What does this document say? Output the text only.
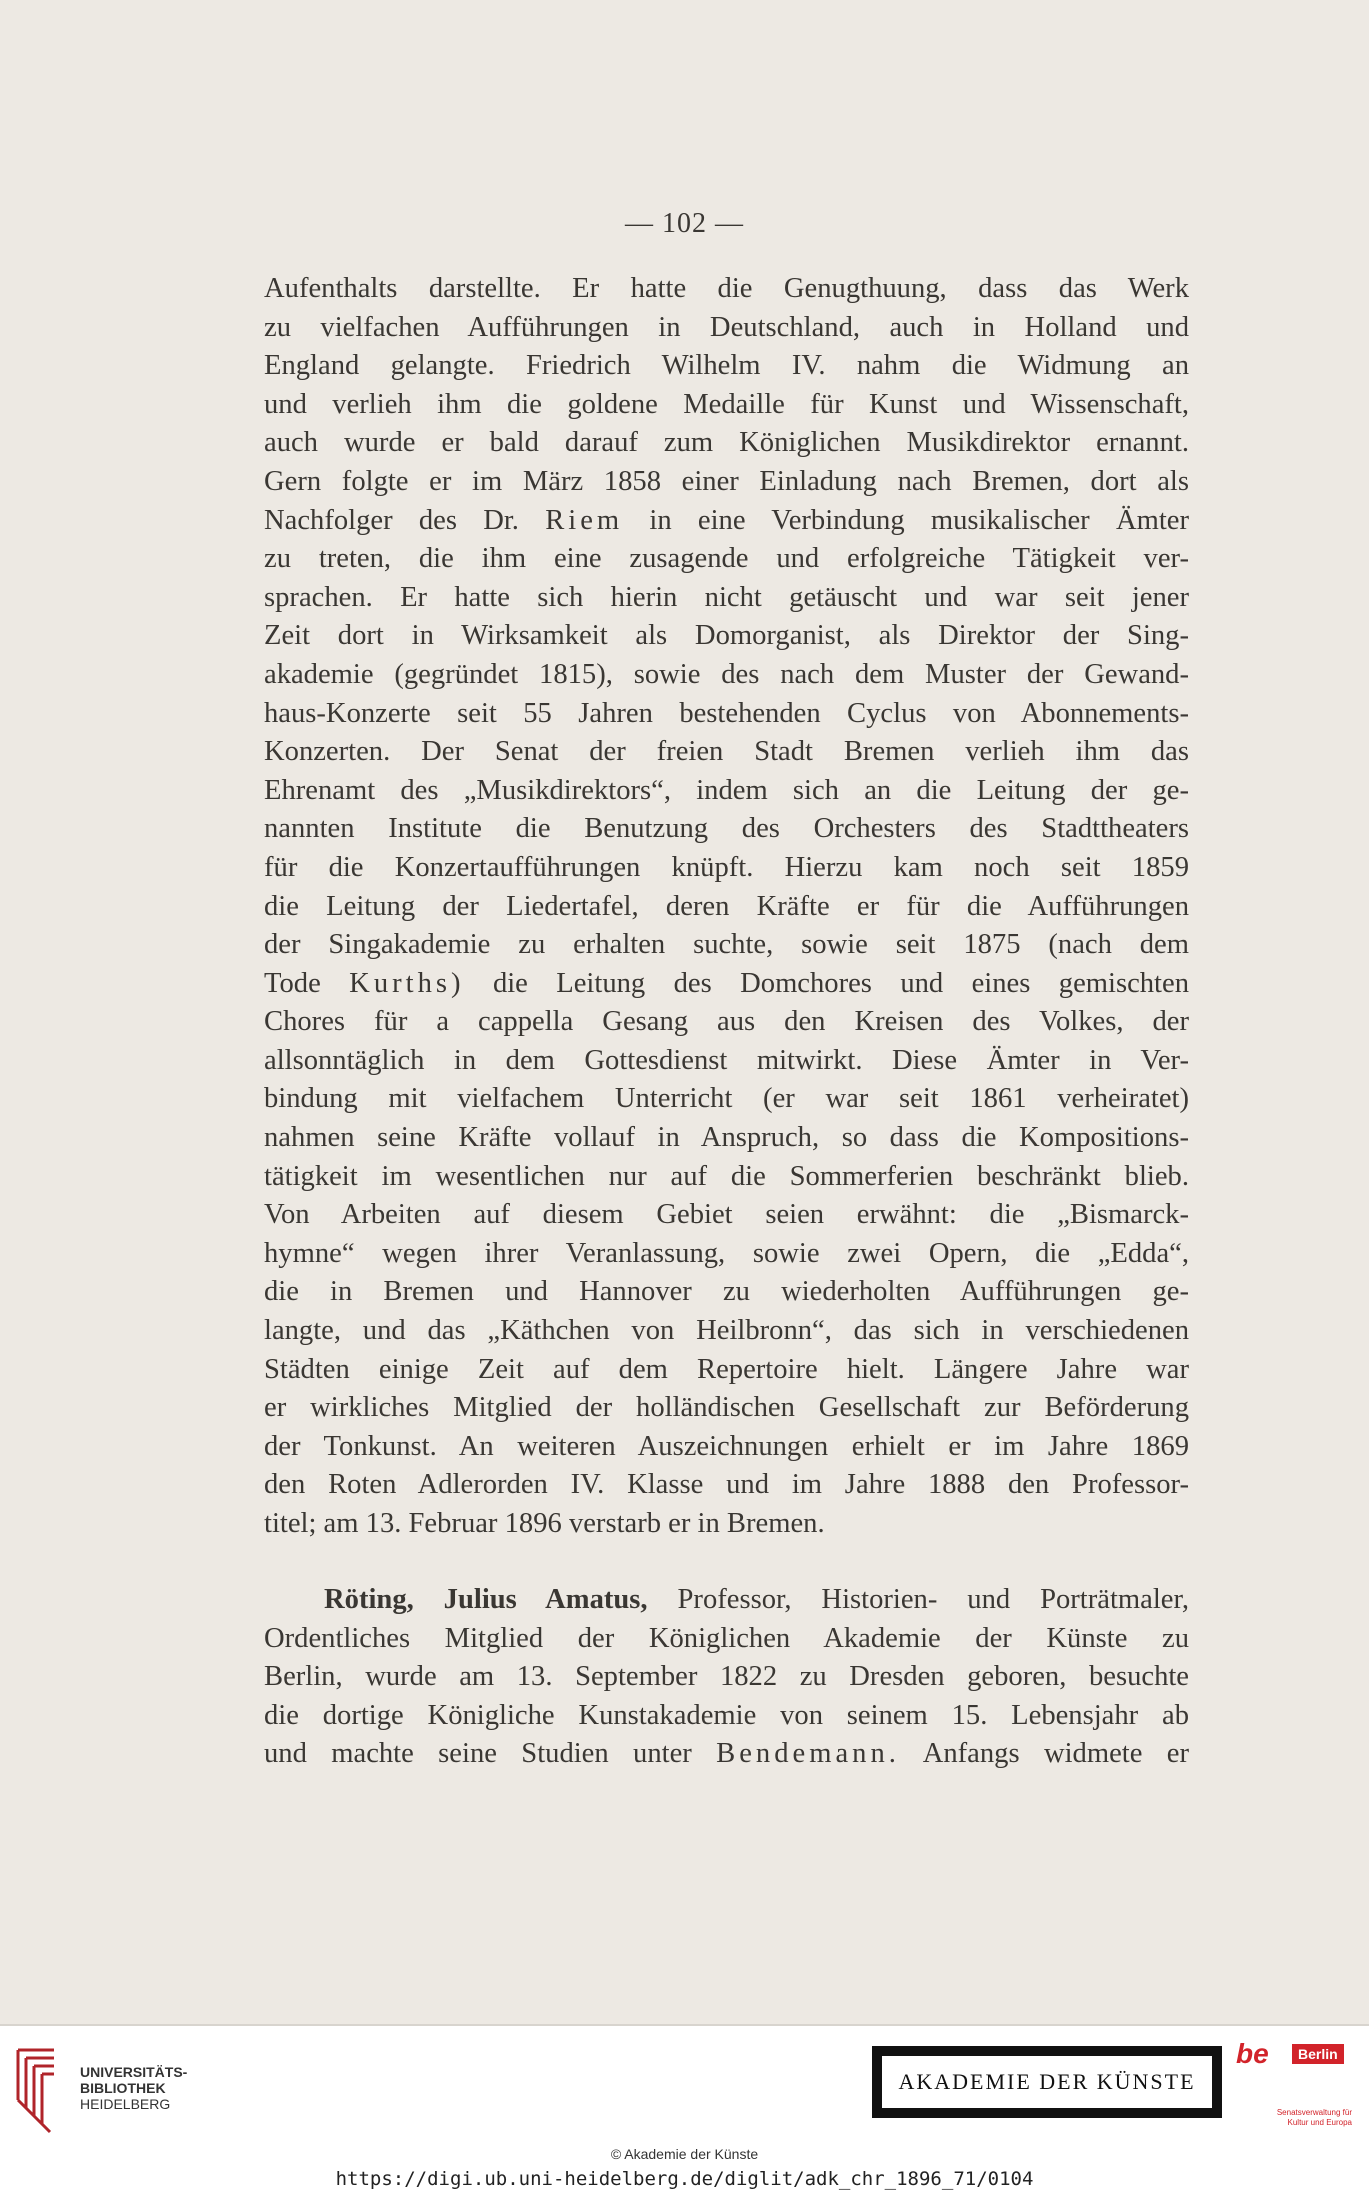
— 102 —
Aufenthalts darstellte. Er hatte die Genugthuung, dass das Werk
zu vielfachen Aufführungen in Deutschland, auch in Holland und
England gelangte. Friedrich Wilhelm IV. nahm die Widmung an
und verlieh ihm die goldene Medaille für Kunst und Wissenschaft,
auch wurde er bald darauf zum Königlichen Musikdirektor ernannt.
Gern folgte er im März 1858 einer Einladung nach Bremen, dort als
Nachfolger des Dr. Riem in eine Verbindung musikalischer Ämter
zu treten, die ihm eine zusagende und erfolgreiche Tätigkeit ver-
sprachen. Er hatte sich hierin nicht getäuscht und war seit jener
Zeit dort in Wirksamkeit als Domorganist, als Direktor der Sing-
akademie (gegründet 1815), sowie des nach dem Muster der Gewand-
haus-Konzerte seit 55 Jahren bestehenden Cyclus von Abonnements-
Konzerten. Der Senat der freien Stadt Bremen verlieh ihm das
Ehrenamt des „Musikdirektors“, indem sich an die Leitung der ge-
nannten Institute die Benutzung des Orchesters des Stadttheaters
für die Konzertaufführungen knüpft. Hierzu kam noch seit 1859
die Leitung der Liedertafel, deren Kräfte er für die Aufführungen
der Singakademie zu erhalten suchte, sowie seit 1875 (nach dem
Tode Kurths) die Leitung des Domchores und eines gemischten
Chores für a cappella Gesang aus den Kreisen des Volkes, der
allsonntäglich in dem Gottesdienst mitwirkt. Diese Ämter in Ver-
bindung mit vielfachem Unterricht (er war seit 1861 verheiratet)
nahmen seine Kräfte vollauf in Anspruch, so dass die Kompositions-
tätigkeit im wesentlichen nur auf die Sommerferien beschränkt blieb.
Von Arbeiten auf diesem Gebiet seien erwähnt: die „Bismarck-
hymne“ wegen ihrer Veranlassung, sowie zwei Opern, die „Edda“,
die in Bremen und Hannover zu wiederholten Aufführungen ge-
langte, und das „Käthchen von Heilbronn“, das sich in verschiedenen
Städten einige Zeit auf dem Repertoire hielt. Längere Jahre war
er wirkliches Mitglied der holländischen Gesellschaft zur Beförderung
der Tonkunst. An weiteren Auszeichnungen erhielt er im Jahre 1869
den Roten Adlerorden IV. Klasse und im Jahre 1888 den Professor-
titel; am 13. Februar 1896 verstarb er in Bremen.
Röting, Julius Amatus, Professor, Historien- und Porträtmaler,
Ordentliches Mitglied der Königlichen Akademie der Künste zu
Berlin, wurde am 13. September 1822 zu Dresden geboren, besuchte
die dortige Königliche Kunstakademie von seinem 15. Lebensjahr ab
und machte seine Studien unter Bendemann. Anfangs widmete er
UNIVERSITÄTS-
BIBLIOTHEK
HEIDELBERG
AKADEMIE DER KÜNSTE
be	Berlin
Senatsverwaltung für Kultur und Europa
© Akademie der Künste
https://digi.ub.uni-heidelberg.de/diglit/adk_chr_1896_71/0104
